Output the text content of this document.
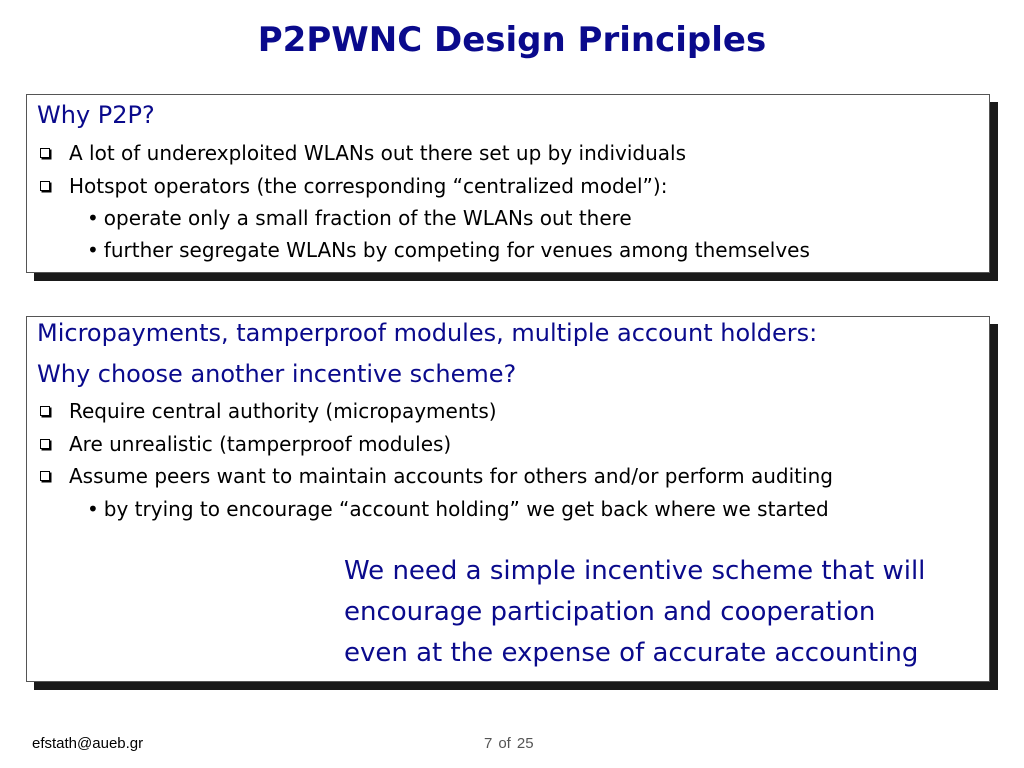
P2PWNC Design Principles
Why P2P?
A lot of underexploited WLANs out there set up by individuals
Hotspot operators (the corresponding “centralized model”):
• operate only a small fraction of the WLANs out there
• further segregate WLANs by competing for venues among themselves
Micropayments, tamperproof modules, multiple account holders:
Why choose another incentive scheme?
Require central authority (micropayments)
Are unrealistic (tamperproof modules)
Assume peers want to maintain accounts for others and/or perform auditing
• by trying to encourage “account holding” we get back where we started
We need a simple incentive scheme that will
encourage participation and cooperation
even at the expense of accurate accounting
efstath@aueb.gr	7 of 25
